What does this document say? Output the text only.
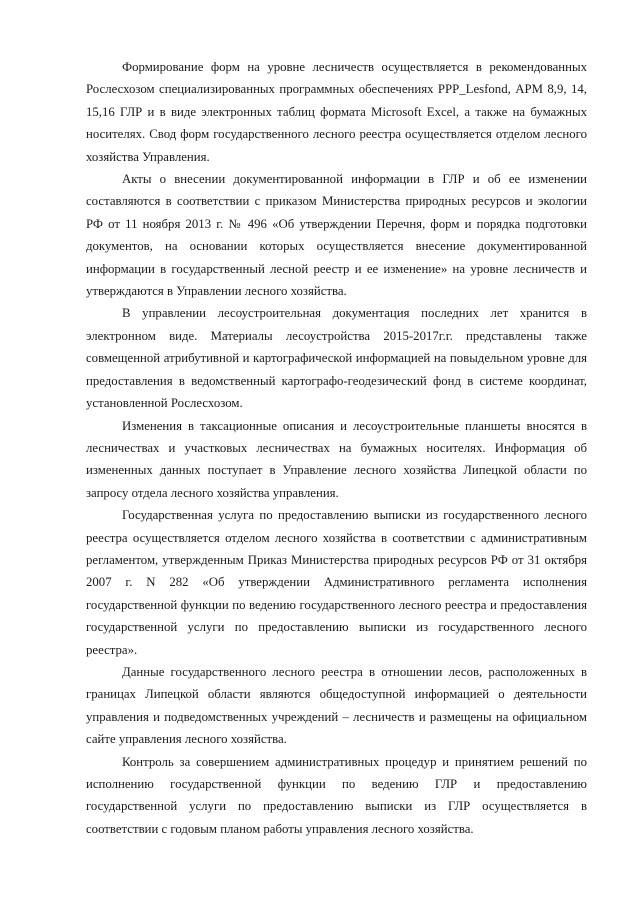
Формирование форм на уровне лесничеств осуществляется в рекомендованных Рослесхозом специализированных программных обеспечениях PPP_Lesfond, АРМ 8,9, 14, 15,16 ГЛР и в виде электронных таблиц формата Microsoft Excel, а также на бумажных носителях. Свод форм государственного лесного реестра осуществляется отделом лесного хозяйства Управления.

Акты о внесении документированной информации в ГЛР и об ее изменении составляются в соответствии с приказом Министерства природных ресурсов и экологии РФ от 11 ноября 2013 г. № 496 «Об утверждении Перечня, форм и порядка подготовки документов, на основании которых осуществляется внесение документированной информации в государственный лесной реестр и ее изменение» на уровне лесничеств и утверждаются в Управлении лесного хозяйства.

В управлении лесоустроительная документация последних лет хранится в электронном виде. Материалы лесоустройства 2015-2017г.г. представлены также совмещенной атрибутивной и картографической информацией на повыдельном уровне для предоставления в ведомственный картографо-геодезический фонд в системе координат, установленной Рослесхозом.

Изменения в таксационные описания и лесоустроительные планшеты вносятся в лесничествах и участковых лесничествах на бумажных носителях. Информация об измененных данных поступает в Управление лесного хозяйства Липецкой области по запросу отдела лесного хозяйства управления.

Государственная услуга по предоставлению выписки из государственного лесного реестра осуществляется отделом лесного хозяйства в соответствии с административным регламентом, утвержденным Приказ Министерства природных ресурсов РФ от 31 октября 2007 г. N 282 «Об утверждении Административного регламента исполнения государственной функции по ведению государственного лесного реестра и предоставления государственной услуги по предоставлению выписки из государственного лесного реестра».

Данные государственного лесного реестра в отношении лесов, расположенных в границах Липецкой области являются общедоступной информацией о деятельности управления и подведомственных учреждений – лесничеств и размещены на официальном сайте управления лесного хозяйства.

Контроль за совершением административных процедур и принятием решений по исполнению государственной функции по ведению ГЛР и предоставлению государственной услуги по предоставлению выписки из ГЛР осуществляется в соответствии с годовым планом работы управления лесного хозяйства.
